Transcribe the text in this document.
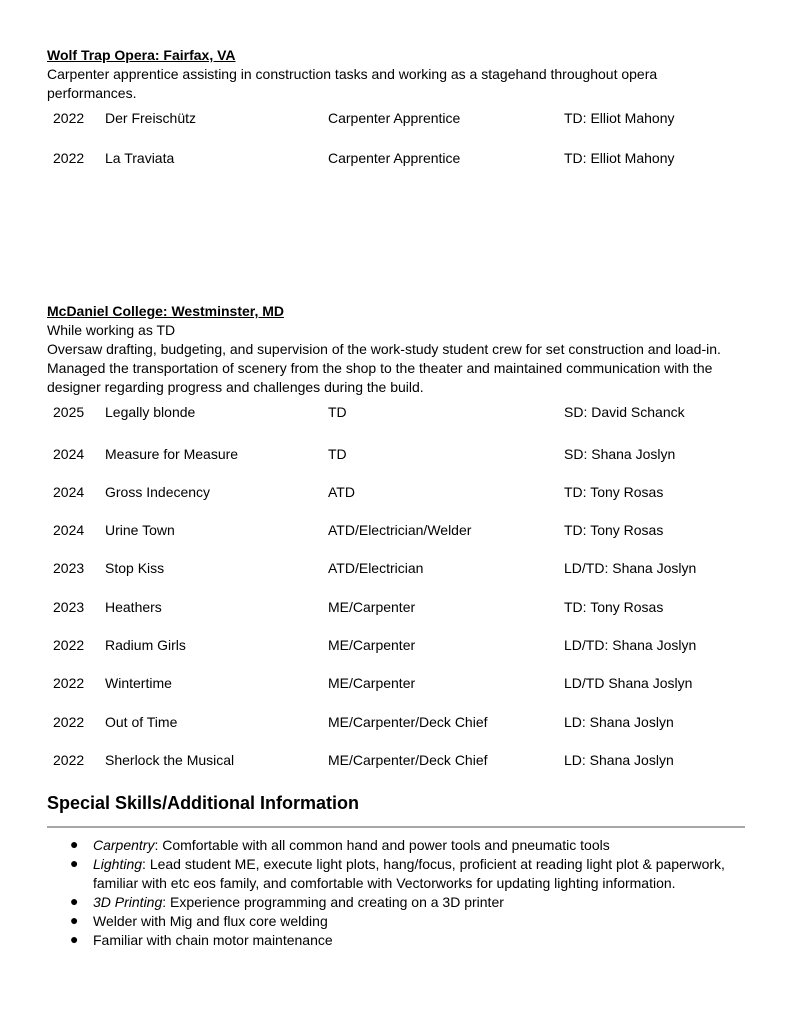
Wolf Trap Opera: Fairfax, VA
Carpenter apprentice assisting in construction tasks and working as a stagehand throughout opera
performances.
2022 Der Freischütz	Carpenter Apprentice	TD: Elliot Mahony
2022 La Traviata	Carpenter Apprentice	TD: Elliot Mahony
McDaniel College: Westminster, MD
While working as TD
Oversaw drafting, budgeting, and supervision of the work-study student crew for set construction and load-in.
Managed the transportation of scenery from the shop to the theater and maintained communication with the
designer regarding progress and challenges during the build.
2025 Legally blonde	TD	SD: David Schanck
2024 Measure for Measure	TD	SD: Shana Joslyn
2024 Gross Indecency	ATD	TD: Tony Rosas
2024 Urine Town	ATD/Electrician/Welder	TD: Tony Rosas
2023 Stop Kiss	ATD/Electrician	LD/TD: Shana Joslyn
2023 Heathers	ME/Carpenter	TD: Tony Rosas
2022 Radium Girls	ME/Carpenter	LD/TD: Shana Joslyn
2022 Wintertime	ME/Carpenter	LD/TD Shana Joslyn
2022 Out of Time	ME/Carpenter/Deck Chief	LD: Shana Joslyn
2022 Sherlock the Musical	ME/Carpenter/Deck Chief	LD: Shana Joslyn
Special Skills/Additional Information
● Carpentry: Comfortable with all common hand and power tools and pneumatic tools
● Lighting: Lead student ME, execute light plots, hang/focus, proficient at reading light plot & paperwork, familiar with etc eos family, and comfortable with Vectorworks for updating lighting information.
● 3D Printing: Experience programming and creating on a 3D printer
● Welder with Mig and flux core welding
● Familiar with chain motor maintenance
